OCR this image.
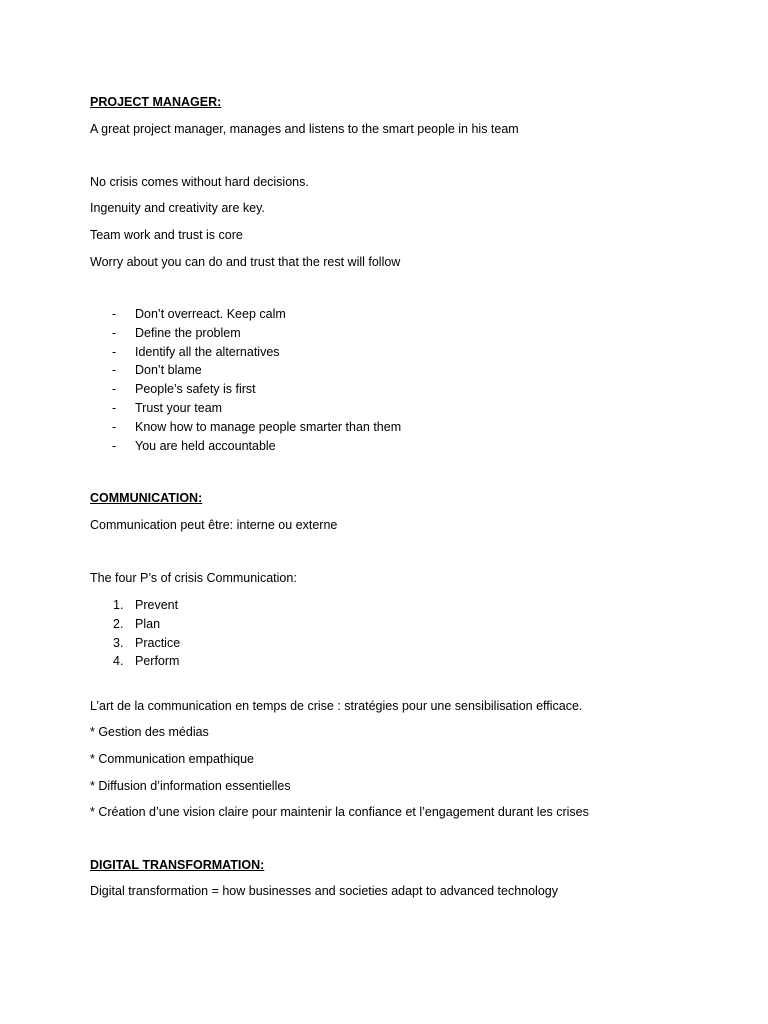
PROJECT MANAGER:
A great project manager, manages and listens to the smart people in his team
No crisis comes without hard decisions.
Ingenuity and creativity are key.
Team work and trust is core
Worry about you can do and trust that the rest will follow
- Don’t overreact. Keep calm
- Define the problem
- Identify all the alternatives
- Don’t blame
- People’s safety is first
- Trust your team
- Know how to manage people smarter than them
- You are held accountable
COMMUNICATION:
Communication peut être: interne ou externe
The four P’s of crisis Communication:
1. Prevent
2. Plan
3. Practice
4. Perform
L’art de la communication en temps de crise : stratégies pour une sensibilisation efficace.
* Gestion des médias
* Communication empathique
* Diffusion d’information essentielles
* Création d’une vision claire pour maintenir la confiance et l’engagement durant les crises
DIGITAL TRANSFORMATION:
Digital transformation = how businesses and societies adapt to advanced technology
